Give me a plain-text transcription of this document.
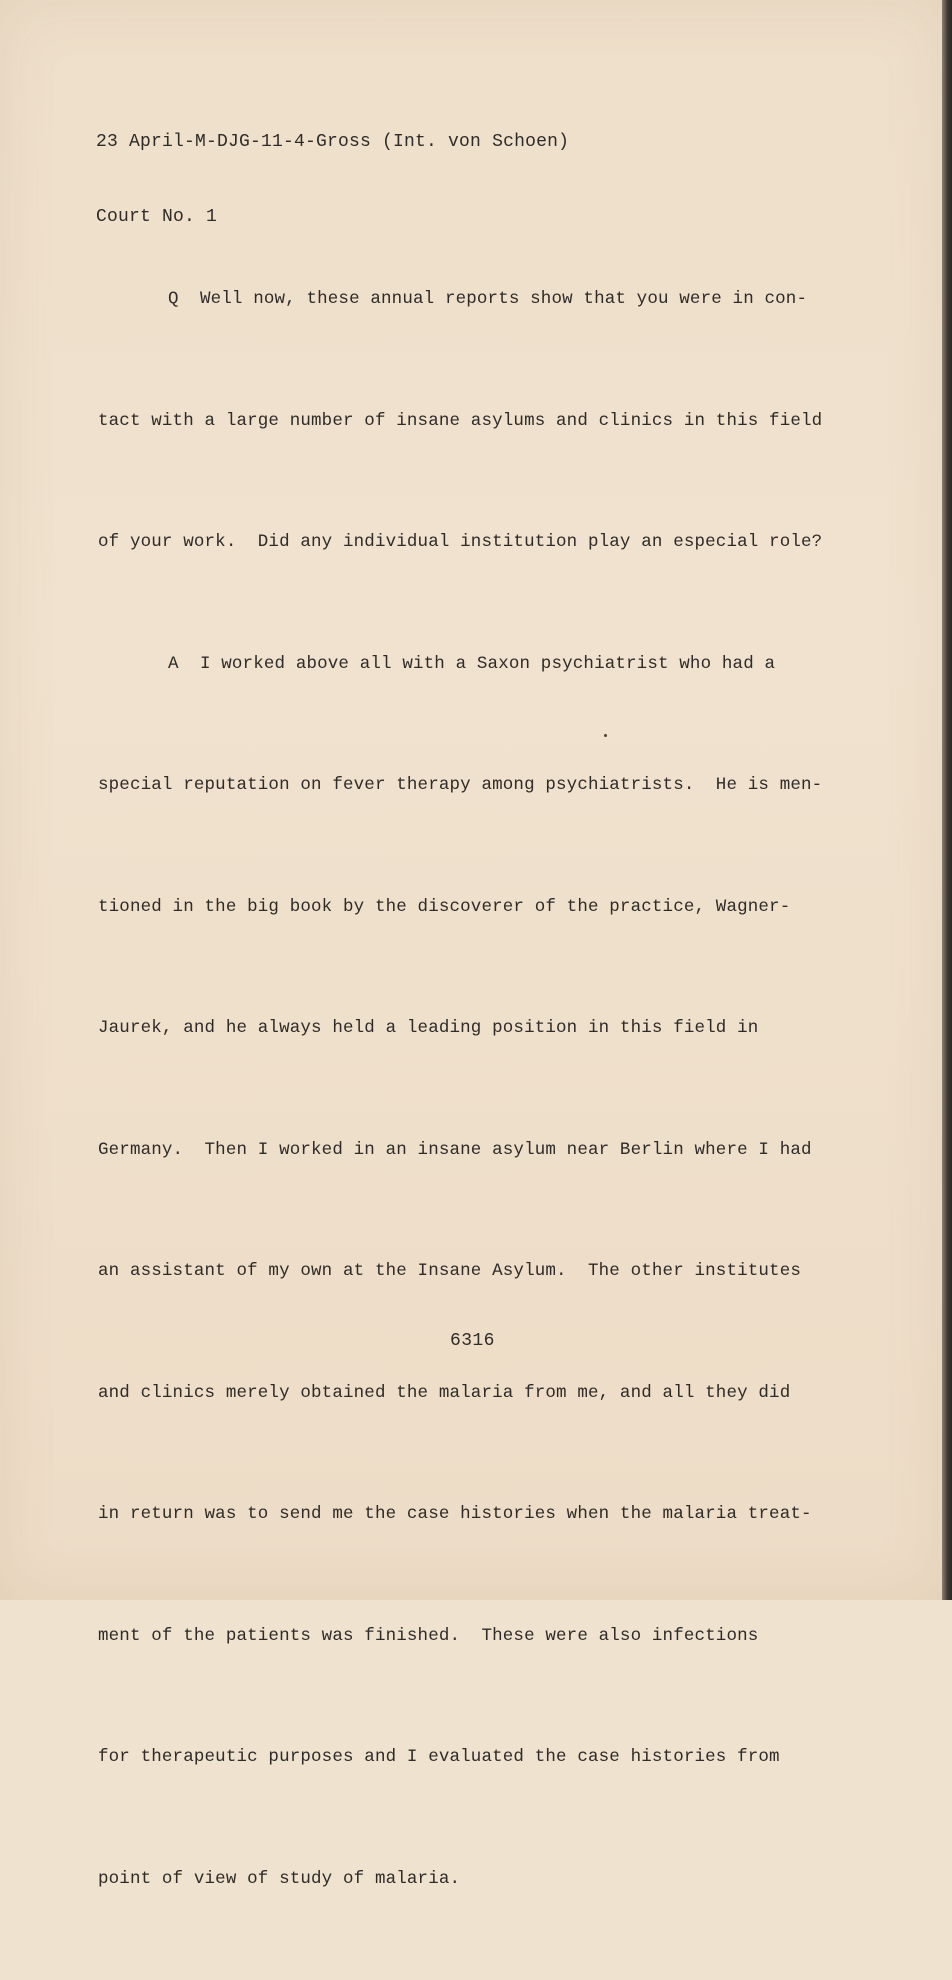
23 April-M-DJG-11-4-Gross (Int. von Schoen)

Court No. 1

Q  Well now, these annual reports show that you were in con-

tact with a large number of insane asylums and clinics in this field

of your work.  Did any individual institution play an especial role?

A  I worked above all with a Saxon psychiatrist who had a

special reputation on fever therapy among psychiatrists.  He is men-

tioned in the big book by the discoverer of the practice, Wagner-

Jaurek, and he always held a leading position in this field in

Germany.  Then I worked in an insane asylum near Berlin where I had

an assistant of my own at the Insane Asylum.  The other institutes

and clinics merely obtained the malaria from me, and all they did

in return was to send me the case histories when the malaria treat-

ment of the patients was finished.  These were also infections

for therapeutic purposes and I evaluated the case histories from

point of view of study of malaria.

6316
